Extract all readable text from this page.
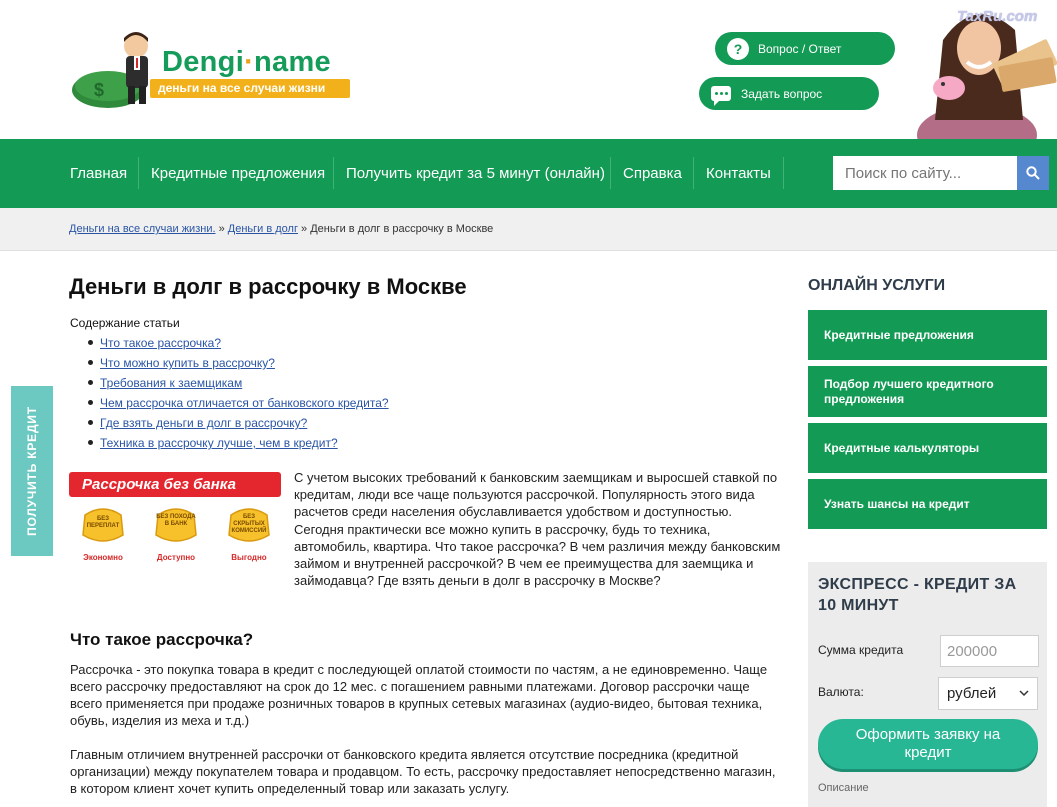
$
Dengi·name
деньги на все случаи жизни
?	Вопрос / Ответ
Задать вопрос
TaxRu.com
Главная Кредитные предложения Получить кредит за 5 минут (онлайн) Справка Контакты
Поиск по сайту...
Деньги на все случаи жизни. » Деньги в долг » Деньги в долг в рассрочку в Москве
Деньги в долг в рассрочку в Москве
Содержание статьи
Что такое рассрочка?
Что можно купить в рассрочку?
Требования к заемщикам
Чем рассрочка отличается от банковского кредита?
Где взять деньги в долг в рассрочку?
Техника в рассрочку лучше, чем в кредит?
С учетом высоких требований к банковским заемщикам и выросшей ставкой по кредитам, люди все чаще пользуются рассрочкой. Популярность этого вида расчетов среди населения обуславливается удобством и доступностью. Сегодня практически все можно купить в рассрочку, будь то техника, автомобиль, квартира. Что такое рассрочка? В чем различия между банковским займом и внутренней рассрочкой? В чем ее преимущества для заемщика и займодавца? Где взять деньги в долг в рассрочку в Москве?
Рассрочка без банка
БЕЗ ПЕРЕПЛАТ
БЕЗ ПОХОДА В БАНК
БЕЗ СКРЫТЫХ КОМИССИЙ
Экономно	Доступно	Выгодно
Что такое рассрочка?

Рассрочка - это покупка товара в кредит с последующей оплатой стоимости по частям, а не единовременно. Чаще всего рассрочку предоставляют на срок до 12 мес. с погашением равными платежами. Договор рассрочки чаще всего применяется при продаже розничных товаров в крупных сетевых магазинах (аудио-видео, бытовая техника, обувь, изделия из меха и т.д.)

Главным отличием внутренней рассрочки от банковского кредита является отсутствие посредника (кредитной организации) между покупателем товара и продавцом. То есть, рассрочку предоставляет непосредственно магазин, в котором клиент хочет купить определенный товар или заказать услугу.

ПОЛУЧИТЬ КРЕДИТ
ОНЛАЙН УСЛУГИ
Кредитные предложения
Подбор лучшего кредитного предложения
Кредитные калькуляторы
Узнать шансы на кредит
ЭКСПРЕСС - КРЕДИТ ЗА 10 МИНУТ
Сумма кредита	200000
Валюта:	рублей
Оформить заявку на кредит
Описание
